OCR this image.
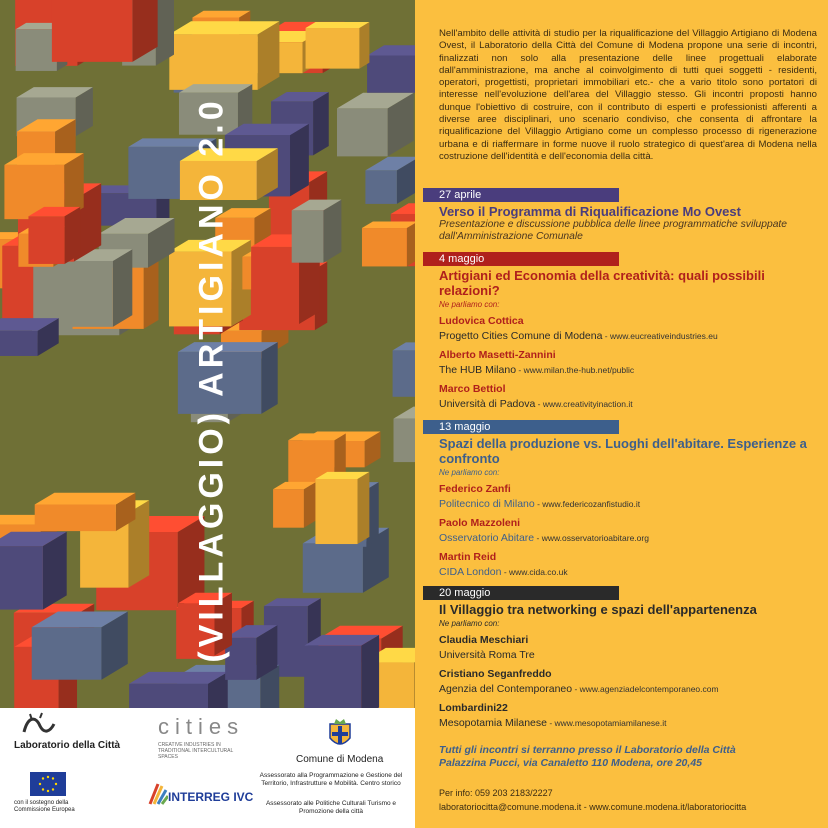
(VILLAGGIO) ARTIGIANO 2.0
Laboratorio della Città
con il sostegno della Commissione Europea
cities
CREATIVE INDUSTRIES IN TRADITIONAL INTERCULTURAL SPACES
INTERREG IVC
Comune di Modena
Assessorato alla Programmazione e Gestione del Territorio, Infrastrutture e Mobilità. Centro storico
Assessorato alle Politiche Culturali Turismo e Promozione della città
Nell'ambito delle attività di studio per la riqualificazione del Villaggio Artigiano di Modena Ovest, il Laboratorio della Città del Comune di Modena propone una serie di incontri, finalizzati non solo alla presentazione delle linee progettuali elaborate dall'amministrazione, ma anche al coinvolgimento di tutti quei soggetti - residenti, operatori, progettisti, proprietari immobiliari etc.- che a vario titolo sono portatori di interesse nell'evoluzione dell'area del Villaggio stesso. Gli incontri proposti hanno dunque l'obiettivo di costruire, con il contributo di esperti e professionisti afferenti a diverse aree disciplinari, uno scenario condiviso, che consenta di affrontare la riqualificazione del Villaggio Artigiano come un complesso processo di rigenerazione urbana e di riaffermare in forme nuove il ruolo strategico di quest'area di Modena nella costruzione dell'identità e dell'economia della città.
27 aprile
Verso il Programma di Riqualificazione Mo Ovest
Presentazione e discussione pubblica delle linee programmatiche sviluppate dall'Amministrazione Comunale
4 maggio
Artigiani ed Economia della creatività: quali possibili relazioni?
Ne parliamo con:
Ludovica Cottica
Progetto Cities Comune di Modena - www.eucreativeindustries.eu
Alberto Masetti-Zannini
The HUB Milano - www.milan.the-hub.net/public
Marco Bettiol
Università di Padova - www.creativityinaction.it
13 maggio
Spazi della produzione vs. Luoghi dell'abitare. Esperienze a confronto
Ne parliamo con:
Federico Zanfi
Politecnico di Milano - www.federicozanfistudio.it
Paolo Mazzoleni
Osservatorio Abitare - www.osservatorioabitare.org
Martin Reid
CIDA London - www.cida.co.uk
20 maggio
Il Villaggio tra networking e spazi dell'appartenenza
Ne parliamo con:
Claudia Meschiari
Università Roma Tre
Cristiano Seganfreddo
Agenzia del Contemporaneo - www.agenziadelcontemporaneo.com
Lombardini22
Mesopotamia Milanese - www.mesopotamiamilanese.it
Tutti gli incontri si terranno presso il Laboratorio della Città
Palazzina Pucci, via Canaletto 110 Modena, ore 20,45
Per info: 059 203 2183/2227
laboratoriocitta@comune.modena.it - www.comune.modena.it/laboratoriocitta
